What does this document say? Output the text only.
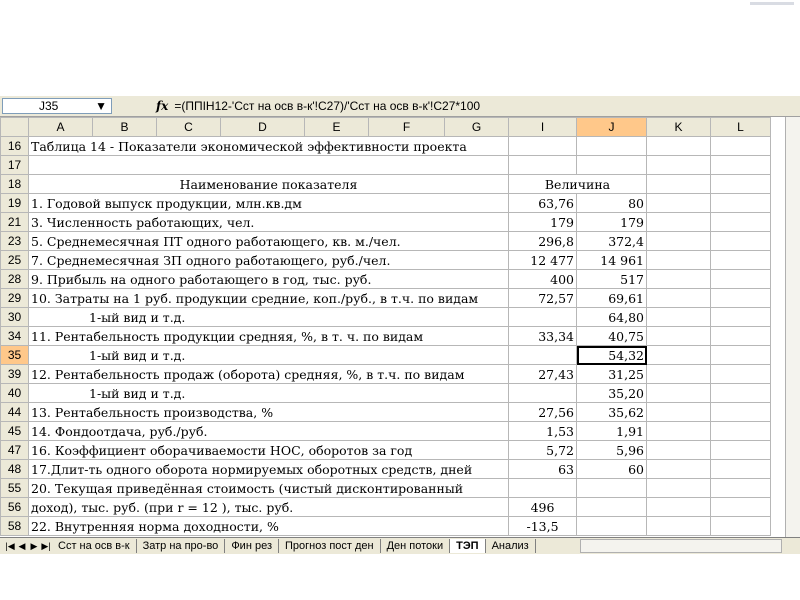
J35	▼	fx =(ППIН12-'Сст на осв в-к'!C27)/'Сст на осв в-к'!C27*100
	A	B	C	D	E	F	G	I	J	K	L
16	Таблица 14 - Показатели экономической эффективности проекта										
17											
18	Наименование показателя							Величина			
19	1. Годовой выпуск продукции, млн.кв.дм							63,76	80		
21	3. Численность работающих, чел.							179	179		
23	5. Среднемесячная ПТ одного работающего, кв. м./чел.							296,8	372,4		
25	7. Среднемесячная ЗП одного работающего, руб./чел.							12 477	14 961		
28	9. Прибыль на одного работающего в год, тыс. руб.							400	517		
29	10. Затраты на 1 руб. продукции средние, коп./руб., в т.ч. по видам							72,57	69,61		
30	1-ый вид и т.д.								64,80		
34	11. Рентабельность продукции средняя, %, в т. ч. по видам							33,34	40,75		
35	1-ый вид и т.д.								54,32		
39	12. Рентабельность продаж (оборота) средняя, %, в т.ч. по видам							27,43	31,25		
40	1-ый вид и т.д.								35,20		
44	13. Рентабельность производства, %							27,56	35,62		
45	14. Фондоотдача, руб./руб.							1,53	1,91		
47	16. Коэффициент оборачиваемости НОС, оборотов за год							5,72	5,96		
48	17.Длит-ть одного оборота нормируемых оборотных средств, дней							63	60		
55	20. Текущая приведённая стоимость (чистый дисконтированный										
56	доход), тыс. руб. (при r = 12 ), тыс. руб.							496			
58	22. Внутренняя норма доходности, %							-13,5			
|◀ ◀ ▶ ▶| Сст на осв в-к	Затр на про-во	Фин рез	Прогноз пост ден	Ден потоки	ТЭП	Анализ
